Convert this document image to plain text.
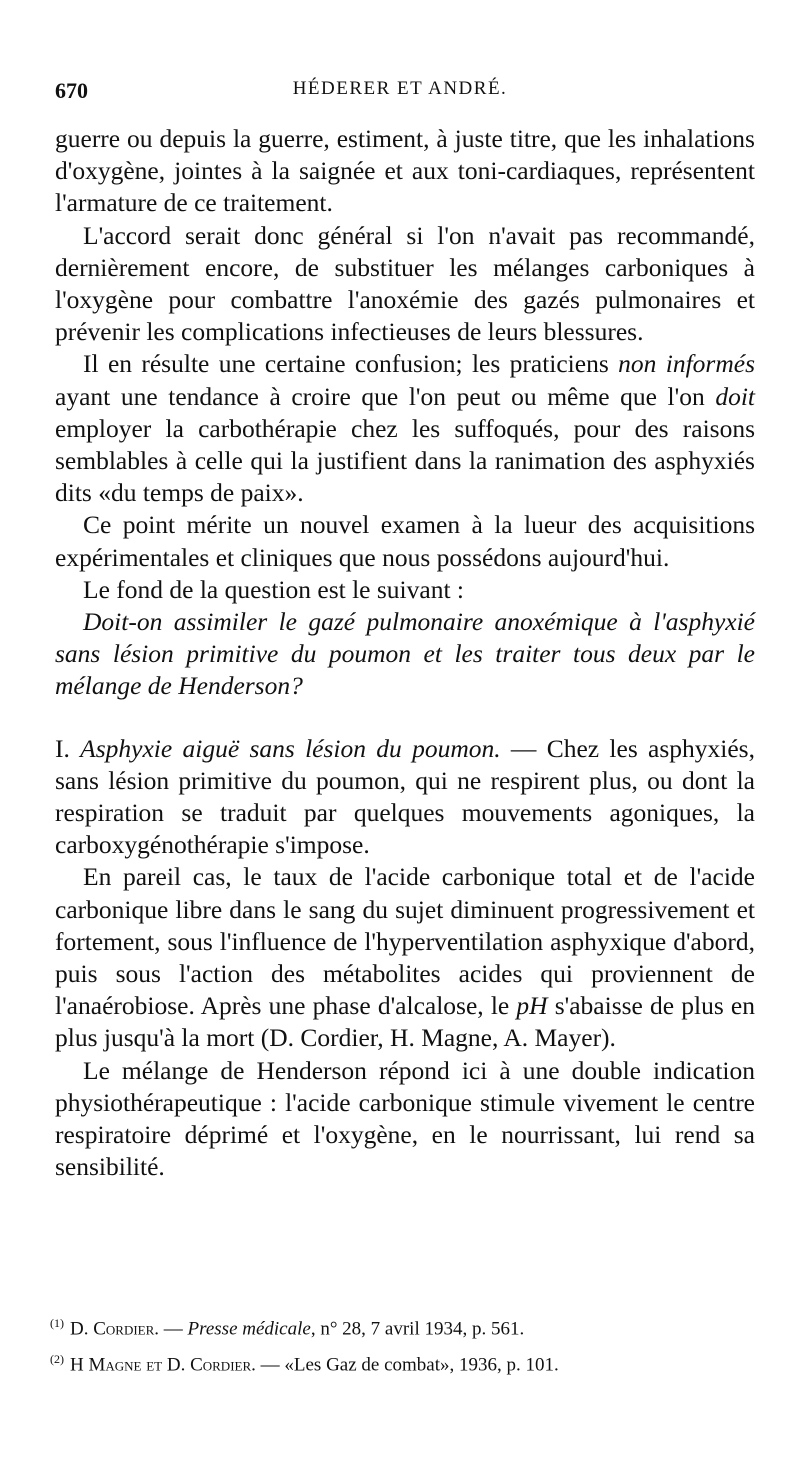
670	HÉDERER ET ANDRÉ.

guerre ou depuis la guerre, estiment, à juste titre, que les inhalations d'oxygène, jointes à la saignée et aux toni-cardiaques, représentent l'armature de ce traitement.

L'accord serait donc général si l'on n'avait pas recommandé, dernièrement encore, de substituer les mélanges carboniques à l'oxygène pour combattre l'anoxémie des gazés pulmonaires et prévenir les complications infectieuses de leurs blessures.

Il en résulte une certaine confusion; les praticiens non informés ayant une tendance à croire que l'on peut ou même que l'on doit employer la carbothérapie chez les suffoqués, pour des raisons semblables à celle qui la justifient dans la ranimation des asphyxiés dits «du temps de paix».

Ce point mérite un nouvel examen à la lueur des acquisitions expérimentales et cliniques que nous possédons aujourd'hui.

Le fond de la question est le suivant :

Doit-on assimiler le gazé pulmonaire anoxémique à l'asphyxié sans lésion primitive du poumon et les traiter tous deux par le mélange de Henderson?

I. Asphyxie aiguë sans lésion du poumon. — Chez les asphyxiés, sans lésion primitive du poumon, qui ne respirent plus, ou dont la respiration se traduit par quelques mouvements agoniques, la carboxygénothérapie s'impose.

En pareil cas, le taux de l'acide carbonique total et de l'acide carbonique libre dans le sang du sujet diminuent progressivement et fortement, sous l'influence de l'hyperventilation asphyxique d'abord, puis sous l'action des métabolites acides qui proviennent de l'anaérobiose. Après une phase d'alcalose, le pH s'abaisse de plus en plus jusqu'à la mort (D. Cordier, H. Magne, A. Mayer).

Le mélange de Henderson répond ici à une double indication physiothérapeutique : l'acide carbonique stimule vivement le centre respiratoire déprimé et l'oxygène, en le nourrissant, lui rend sa sensibilité.

$^{(1)}$ D. Cordier. — Presse médicale, n° 28, 7 avril 1934, p. 561.

$^{(2)}$ H Magne et D. Cordier. — «Les Gaz de combat», 1936, p. 101.
